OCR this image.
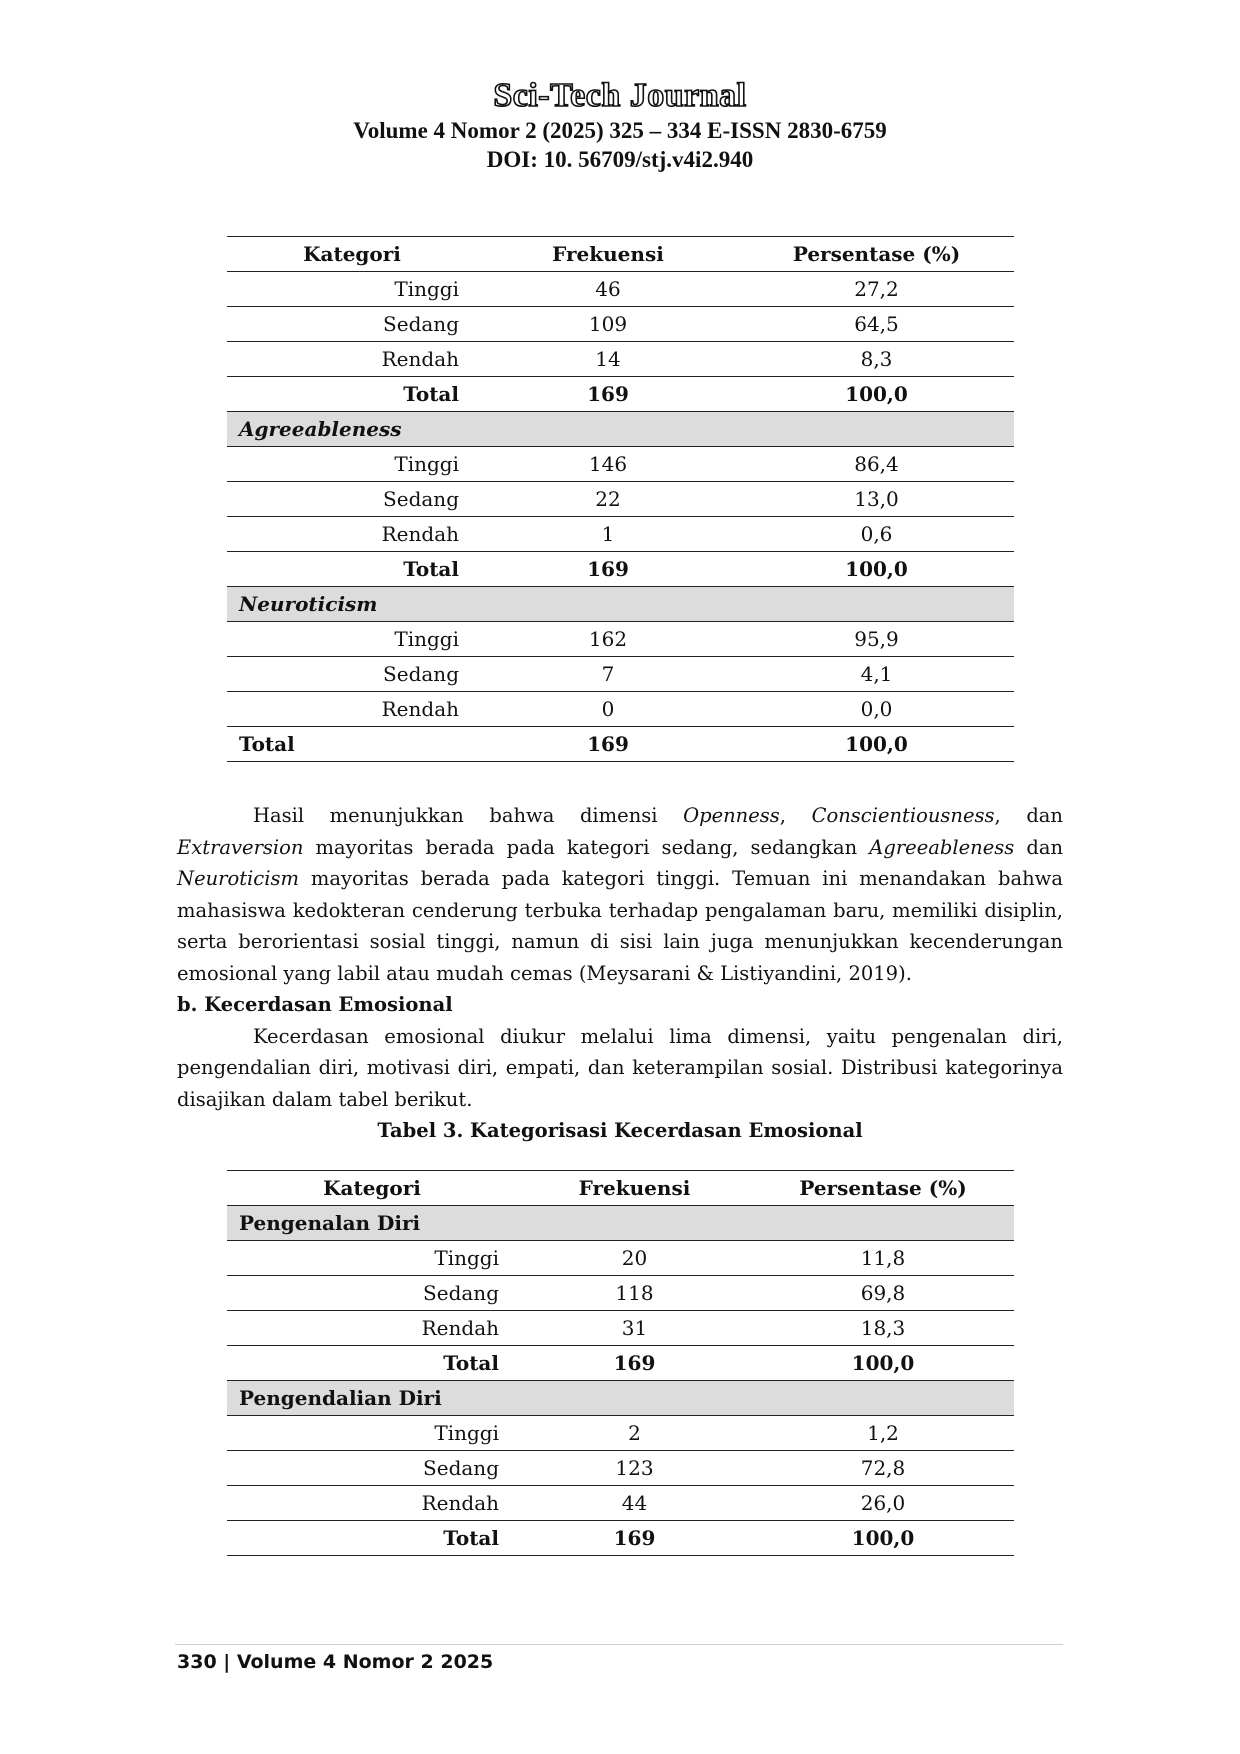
Sci-Tech Journal
Volume 4 Nomor 2 (2025) 325 – 334 E-ISSN 2830-6759
DOI: 10. 56709/stj.v4i2.940
Kategori	Frekuensi	Persentase (%)
Tinggi	46	27,2
Sedang	109	64,5
Rendah	14	8,3
Total	169	100,0
Agreeableness		
Tinggi	146	86,4
Sedang	22	13,0
Rendah	1	0,6
Total	169	100,0
Neuroticism		
Tinggi	162	95,9
Sedang	7	4,1
Rendah	0	0,0
Total	169	100,0

Hasil menunjukkan bahwa dimensi Openness, Conscientiousness, dan Extraversion mayoritas berada pada kategori sedang, sedangkan Agreeableness dan Neuroticism mayoritas berada pada kategori tinggi. Temuan ini menandakan bahwa mahasiswa kedokteran cenderung terbuka terhadap pengalaman baru, memiliki disiplin, serta berorientasi sosial tinggi, namun di sisi lain juga menunjukkan kecenderungan emosional yang labil atau mudah cemas (Meysarani & Listiyandini, 2019).

b. Kecerdasan Emosional

Kecerdasan emosional diukur melalui lima dimensi, yaitu pengenalan diri, pengendalian diri, motivasi diri, empati, dan keterampilan sosial. Distribusi kategorinya disajikan dalam tabel berikut.

Tabel 3. Kategorisasi Kecerdasan Emosional

Kategori	Frekuensi	Persentase (%)
Pengenalan Diri		
Tinggi	20	11,8
Sedang	118	69,8
Rendah	31	18,3
Total	169	100,0
Pengendalian Diri		
Tinggi	2	1,2
Sedang	123	72,8
Rendah	44	26,0
Total	169	100,0
330 | Volume 4 Nomor 2 2025
